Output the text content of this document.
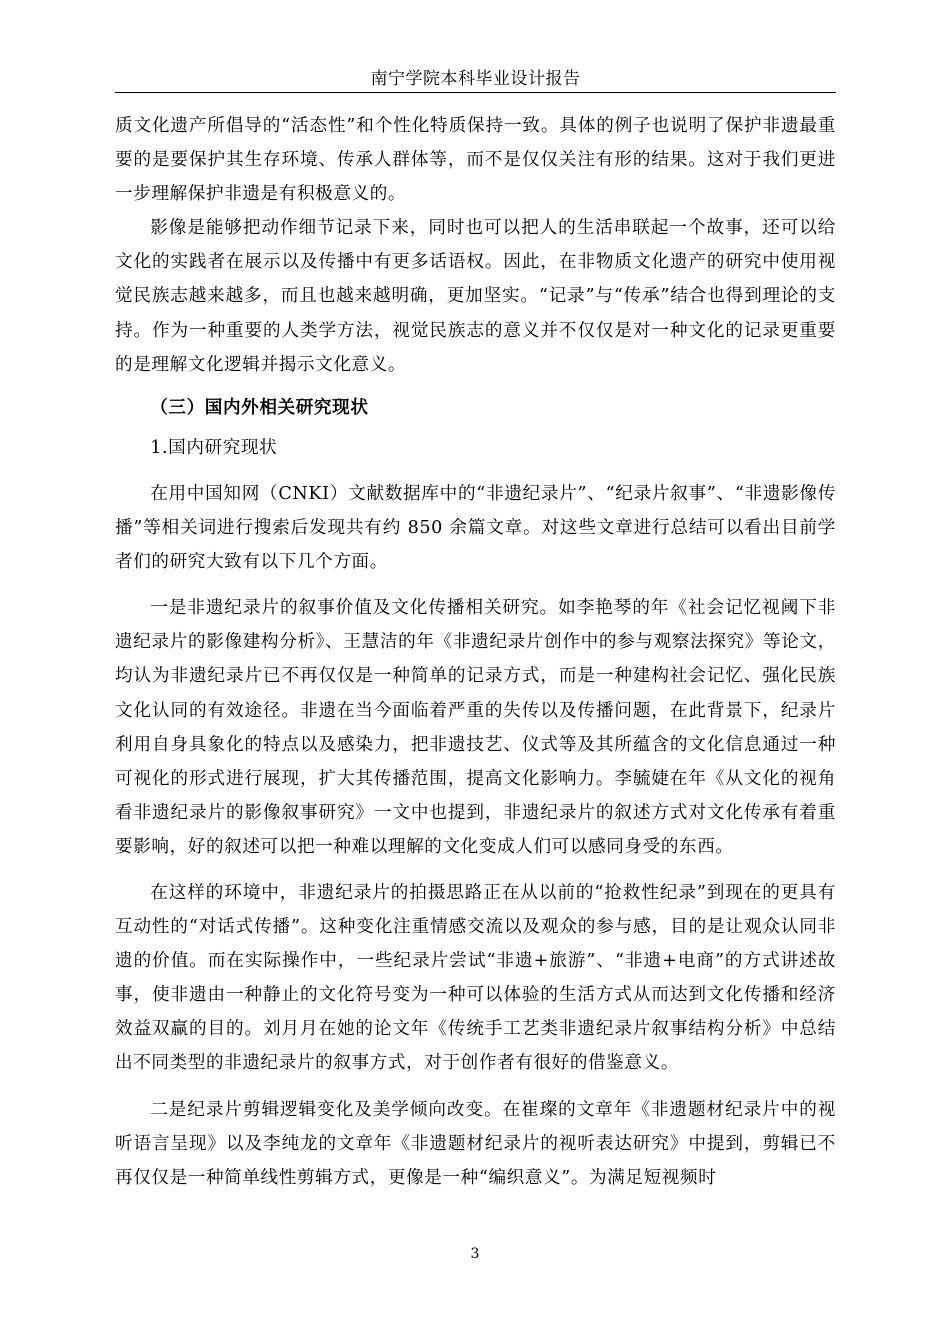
南宁学院本科毕业设计报告

质文化遗产所倡导的“活态性”和个性化特质保持一致。具体的例子也说明了保护非遗最重要的是要保护其生存环境、传承人群体等，而不是仅仅关注有形的结果。这对于我们更进一步理解保护非遗是有积极意义的。

影像是能够把动作细节记录下来，同时也可以把人的生活串联起一个故事，还可以给文化的实践者在展示以及传播中有更多话语权。因此，在非物质文化遗产的研究中使用视觉民族志越来越多，而且也越来越明确，更加坚实。“记录”与“传承”结合也得到理论的支持。作为一种重要的人类学方法，视觉民族志的意义并不仅仅是对一种文化的记录更重要的是理解文化逻辑并揭示文化意义。

（三）国内外相关研究现状

1.国内研究现状

在用中国知网（CNKI）文献数据库中的“非遗纪录片”、“纪录片叙事”、“非遗影像传播”等相关词进行搜索后发现共有约 850 余篇文章。对这些文章进行总结可以看出目前学者们的研究大致有以下几个方面。

一是非遗纪录片的叙事价值及文化传播相关研究。如李艳琴的年《社会记忆视阈下非遗纪录片的影像建构分析》、王慧洁的年《非遗纪录片创作中的参与观察法探究》等论文，均认为非遗纪录片已不再仅仅是一种简单的记录方式，而是一种建构社会记忆、强化民族文化认同的有效途径。非遗在当今面临着严重的失传以及传播问题，在此背景下，纪录片利用自身具象化的特点以及感染力，把非遗技艺、仪式等及其所蕴含的文化信息通过一种可视化的形式进行展现，扩大其传播范围，提高文化影响力。李毓婕在年《从文化的视角看非遗纪录片的影像叙事研究》一文中也提到，非遗纪录片的叙述方式对文化传承有着重要影响，好的叙述可以把一种难以理解的文化变成人们可以感同身受的东西。

在这样的环境中，非遗纪录片的拍摄思路正在从以前的“抢救性纪录”到现在的更具有互动性的“对话式传播”。这种变化注重情感交流以及观众的参与感，目的是让观众认同非遗的价值。而在实际操作中，一些纪录片尝试“非遗+旅游”、“非遗+电商”的方式讲述故事，使非遗由一种静止的文化符号变为一种可以体验的生活方式从而达到文化传播和经济效益双赢的目的。刘月月在她的论文年《传统手工艺类非遗纪录片叙事结构分析》中总结出不同类型的非遗纪录片的叙事方式，对于创作者有很好的借鉴意义。

二是纪录片剪辑逻辑变化及美学倾向改变。在崔璨的文章年《非遗题材纪录片中的视听语言呈现》以及李纯龙的文章年《非遗题材纪录片的视听表达研究》中提到，剪辑已不再仅仅是一种简单线性剪辑方式，更像是一种“编织意义”。为满足短视频时

3
